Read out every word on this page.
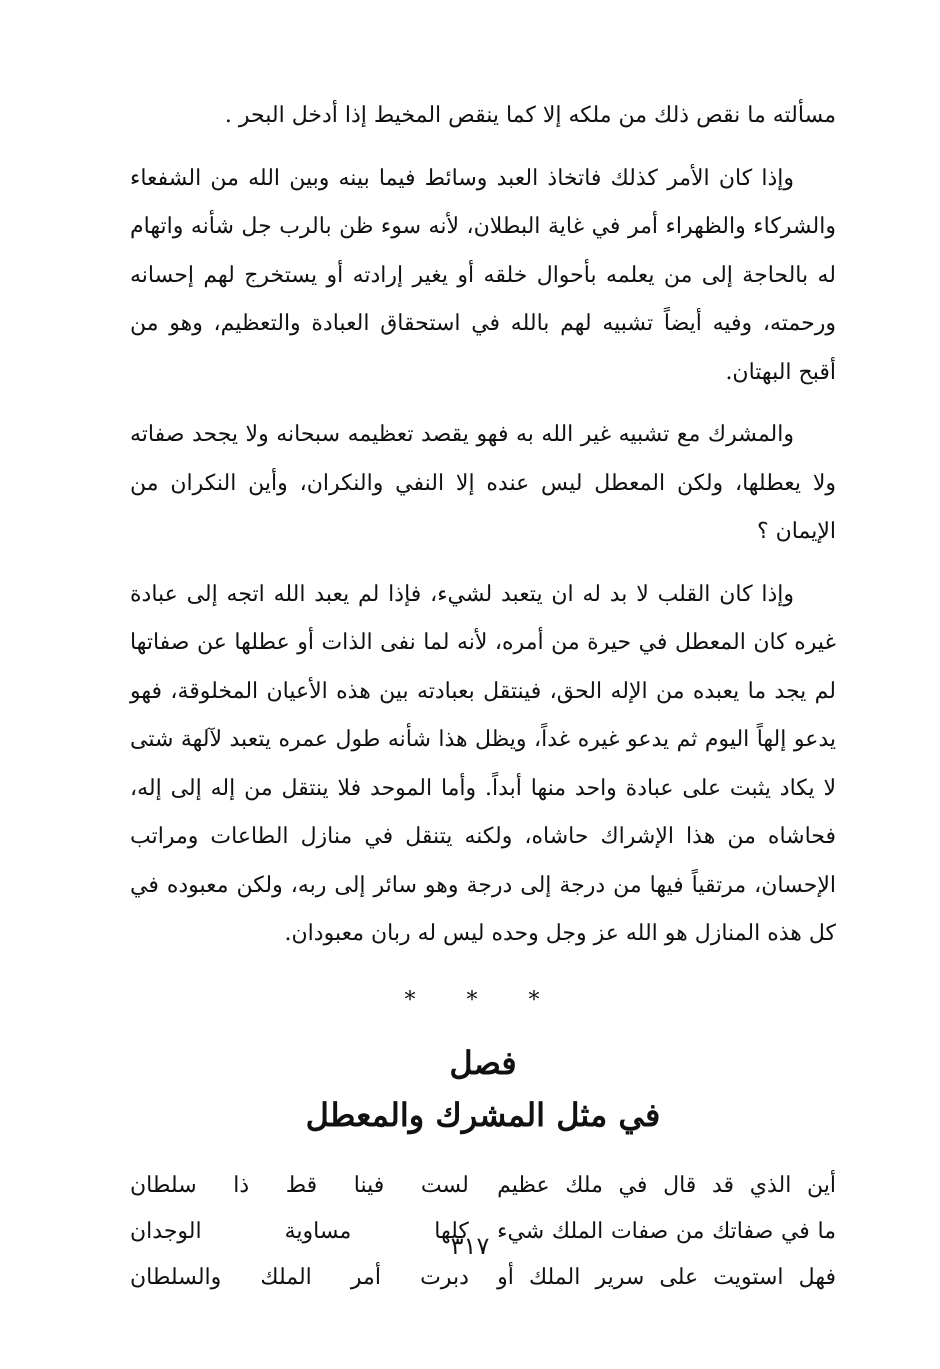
مسألته ما نقص ذلك من ملكه إلا كما ينقص المخيط إذا أدخل البحر .

وإذا كان الأمر كذلك فاتخاذ العبد وسائط فيما بينه وبين الله من الشفعاء والشركاء والظهراء أمر في غاية البطلان، لأنه سوء ظن بالرب جل شأنه واتهام له بالحاجة إلى من يعلمه بأحوال خلقه أو يغير إرادته أو يستخرج لهم إحسانه ورحمته، وفيه أيضاً تشبيه لهم بالله في استحقاق العبادة والتعظيم، وهو من أقبح البهتان.

والمشرك مع تشبيه غير الله به فهو يقصد تعظيمه سبحانه ولا يجحد صفاته ولا يعطلها، ولكن المعطل ليس عنده إلا النفي والنكران، وأين النكران من الإيمان ؟

وإذا كان القلب لا بد له ان يتعبد لشيء، فإذا لم يعبد الله اتجه إلى عبادة غيره كان المعطل في حيرة من أمره، لأنه لما نفى الذات أو عطلها عن صفاتها لم يجد ما يعبده من الإله الحق، فينتقل بعبادته بين هذه الأعيان المخلوقة، فهو يدعو إلهاً اليوم ثم يدعو غيره غداً، ويظل هذا شأنه طول عمره يتعبد لآلهة شتى لا يكاد يثبت على عبادة واحد منها أبداً. وأما الموحد فلا ينتقل من إله إلى إله، فحاشاه من هذا الإشراك حاشاه، ولكنه يتنقل في منازل الطاعات ومراتب الإحسان، مرتقياً فيها من درجة إلى درجة وهو سائر إلى ربه، ولكن معبوده في كل هذه المنازل هو الله عز وجل وحده ليس له ربان معبودان.

* * *

فصل

في مثل المشرك والمعطل

أين الذي قد قال في ملك عظيم
لست فينا قط ذا سلطان
ما في صفاتك من صفات الملك شيء
كلها مساوية الوجدان
فهل استويت على سرير الملك أو
دبرت أمر الملك والسلطان
٣١٧
